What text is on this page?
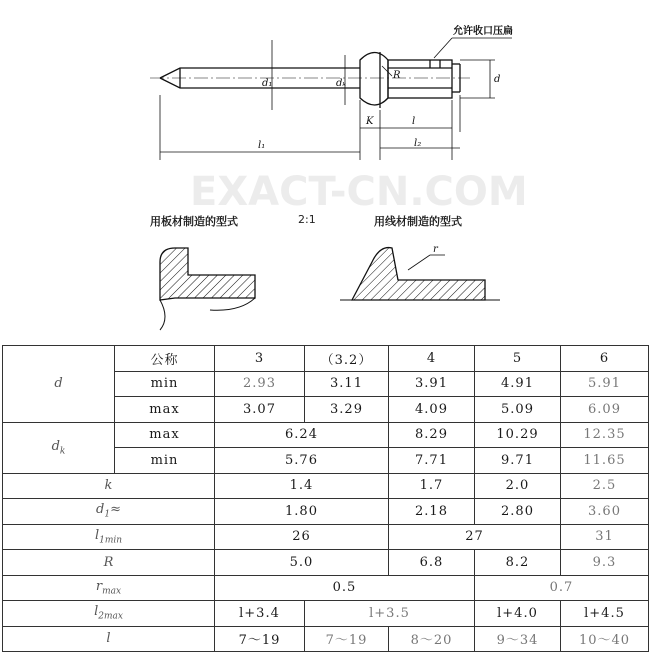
EXACT-CN.COM
d₁	dₖ	d
R
K	l
l₁	l₂
允许收口压扁
r
用板材制造的型式	2:1	用线材制造的型式
d	公称	3	（3.2）	4	5	6
	min	2.93	3.11	3.91	4.91	5.91
	max	3.07	3.29	4.09	5.09	6.09
$d_k$	max	6.24		8.29	10.29	12.35
	min	5.76		7.71	9.71	11.65
k		1.4		1.7	2.0	2.5
$d_1\approx$		1.80		2.18	2.80	3.60
$l_{1min}$		26		27		31
R		5.0		6.8	8.2	9.3
$r_{max}$		0.5			0.7	
$l_{2max}$		l+3.4	l+3.5		l+4.0	l+4.5
l		7～19	7～19	8～20	9～34	10～40
